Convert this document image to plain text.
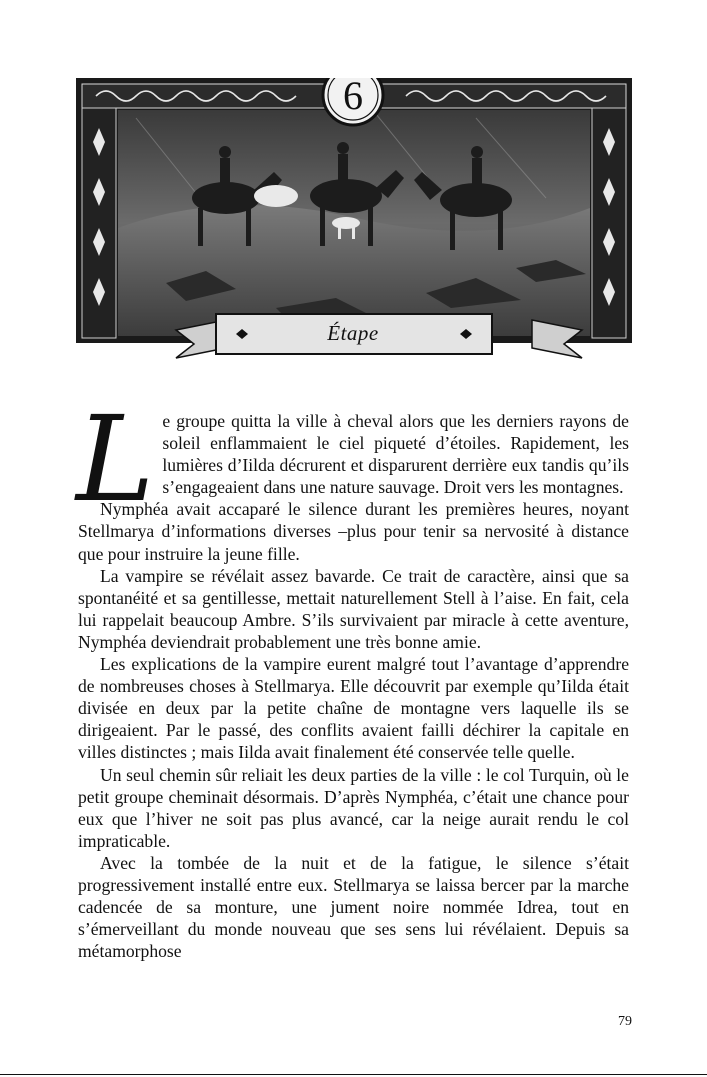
6
Étape

Le groupe quitta la ville à cheval alors que les derniers rayons de soleil enflammaient le ciel piqueté d’étoiles. Rapidement, les lumières d’Iilda décrurent et disparurent derrière eux tandis qu’ils s’engageaient dans une nature sauvage. Droit vers les montagnes.

Nymphéa avait accaparé le silence durant les premières heures, noyant Stellmarya d’informations diverses –plus pour tenir sa nervosité à distance que pour instruire la jeune fille.

La vampire se révélait assez bavarde. Ce trait de caractère, ainsi que sa spontanéité et sa gentillesse, mettait naturellement Stell à l’aise. En fait, cela lui rappelait beaucoup Ambre. S’ils survivaient par miracle à cette aventure, Nymphéa deviendrait probablement une très bonne amie.

Les explications de la vampire eurent malgré tout l’avantage d’apprendre de nombreuses choses à Stellmarya. Elle découvrit par exemple qu’Iilda était divisée en deux par la petite chaîne de montagne vers laquelle ils se dirigeaient. Par le passé, des conflits avaient failli déchirer la capitale en villes distinctes ; mais Iilda avait finalement été conservée telle quelle.

Un seul chemin sûr reliait les deux parties de la ville : le col Turquin, où le petit groupe cheminait désormais. D’après Nymphéa, c’était une chance pour eux que l’hiver ne soit pas plus avancé, car la neige aurait rendu le col impraticable.

Avec la tombée de la nuit et de la fatigue, le silence s’était progressivement installé entre eux. Stellmarya se laissa bercer par la marche cadencée de sa monture, une jument noire nommée Idrea, tout en s’émerveillant du monde nouveau que ses sens lui révélaient. Depuis sa métamorphose

79
